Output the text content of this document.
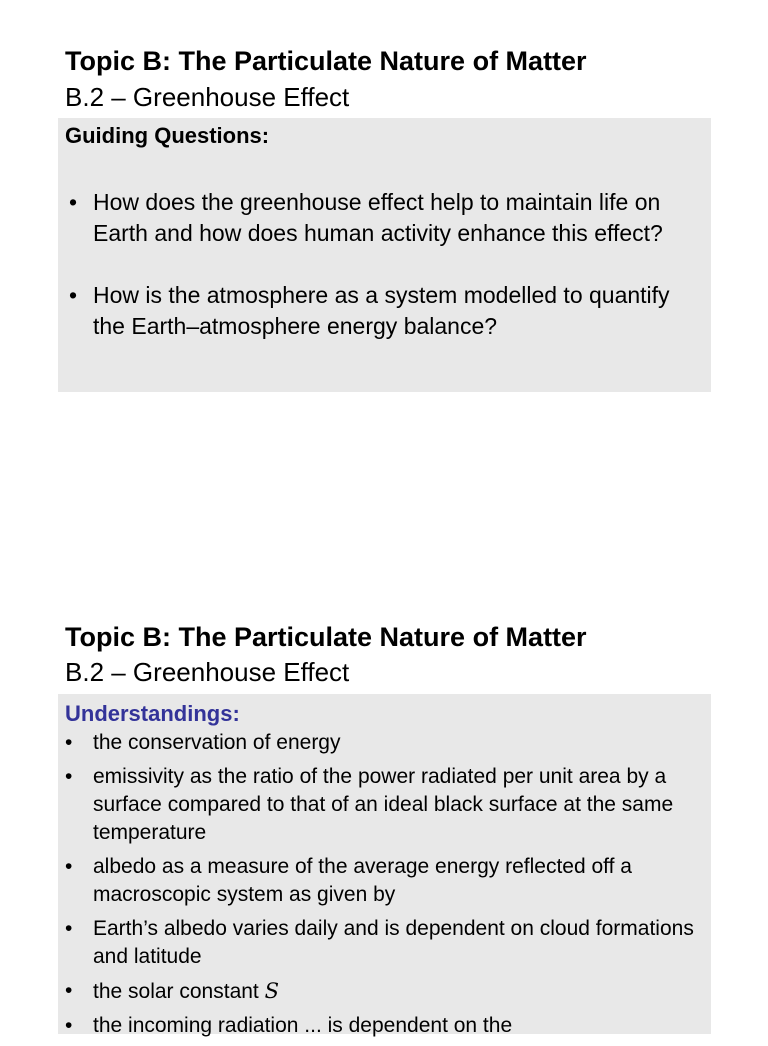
Topic B: The Particulate Nature of Matter
B.2 – Greenhouse Effect
Guiding Questions:
• How does the greenhouse effect help to maintain life on Earth and how does human activity enhance this effect?
• How is the atmosphere as a system modelled to quantify the Earth–atmosphere energy balance?
Topic B: The Particulate Nature of Matter
B.2 – Greenhouse Effect
Understandings:
• the conservation of energy
• emissivity as the ratio of the power radiated per unit area by a surface compared to that of an ideal black surface at the same temperature
• albedo as a measure of the average energy reflected off a macroscopic system as given by
• Earth’s albedo varies daily and is dependent on cloud formations and latitude
• the solar constant S
• the incoming radiation ... is dependent on the
